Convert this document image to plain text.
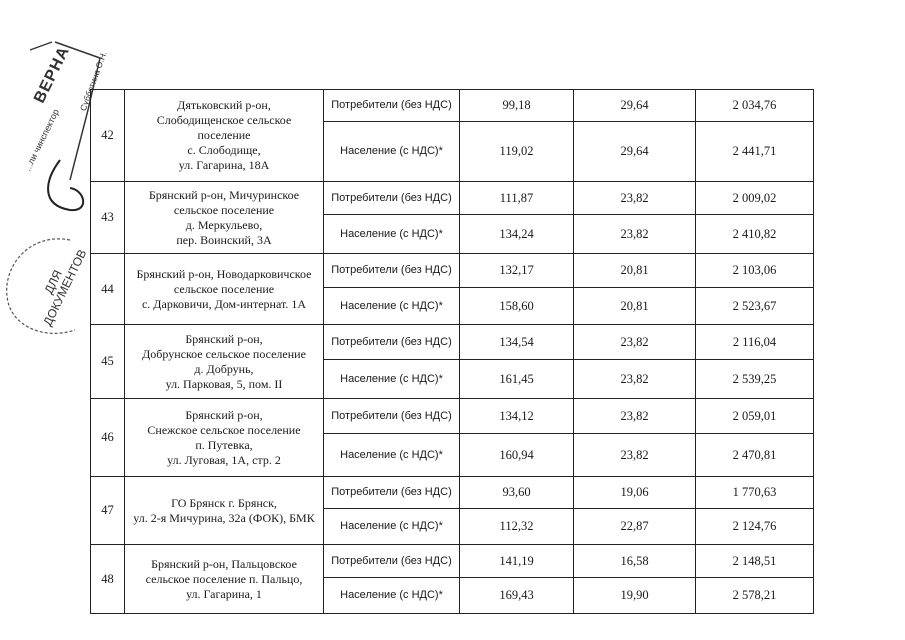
ВЕРНА
...ли чинспектор
Субботина О.Н.
ДЛЯ
ДОКУМЕНТОВ
42	Дятьковский р-он,
Слободищенское сельское
поселение
с. Слободище,
ул. Гагарина, 18А	Потребители (без НДС)	99,18	29,64	2 034,76
		Население (с НДС)*	119,02	29,64	2 441,71
43	Брянский р-он, Мичуринское
сельское поселение
д. Меркульево,
пер. Воинский, 3А	Потребители (без НДС)	111,87	23,82	2 009,02
		Население (с НДС)*	134,24	23,82	2 410,82
44	Брянский р-он, Новодарковичское
сельское поселение
с. Дарковичи, Дом-интернат. 1А	Потребители (без НДС)	132,17	20,81	2 103,06
		Население (с НДС)*	158,60	20,81	2 523,67
45	Брянский р-он,
Добрунское сельское поселение
д. Добрунь,
ул. Парковая, 5, пом. II	Потребители (без НДС)	134,54	23,82	2 116,04
		Население (с НДС)*	161,45	23,82	2 539,25
46	Брянский р-он,
Снежское сельское поселение
п. Путевка,
ул. Луговая, 1А, стр. 2	Потребители (без НДС)	134,12	23,82	2 059,01
		Население (с НДС)*	160,94	23,82	2 470,81
47	ГО Брянск г. Брянск,
ул. 2-я Мичурина, 32а (ФОК), БМК	Потребители (без НДС)	93,60	19,06	1 770,63
		Население (с НДС)*	112,32	22,87	2 124,76
48	Брянский р-он, Пальцовское
сельское поселение п. Пальцо,
ул. Гагарина, 1	Потребители (без НДС)	141,19	16,58	2 148,51
		Население (с НДС)*	169,43	19,90	2 578,21
